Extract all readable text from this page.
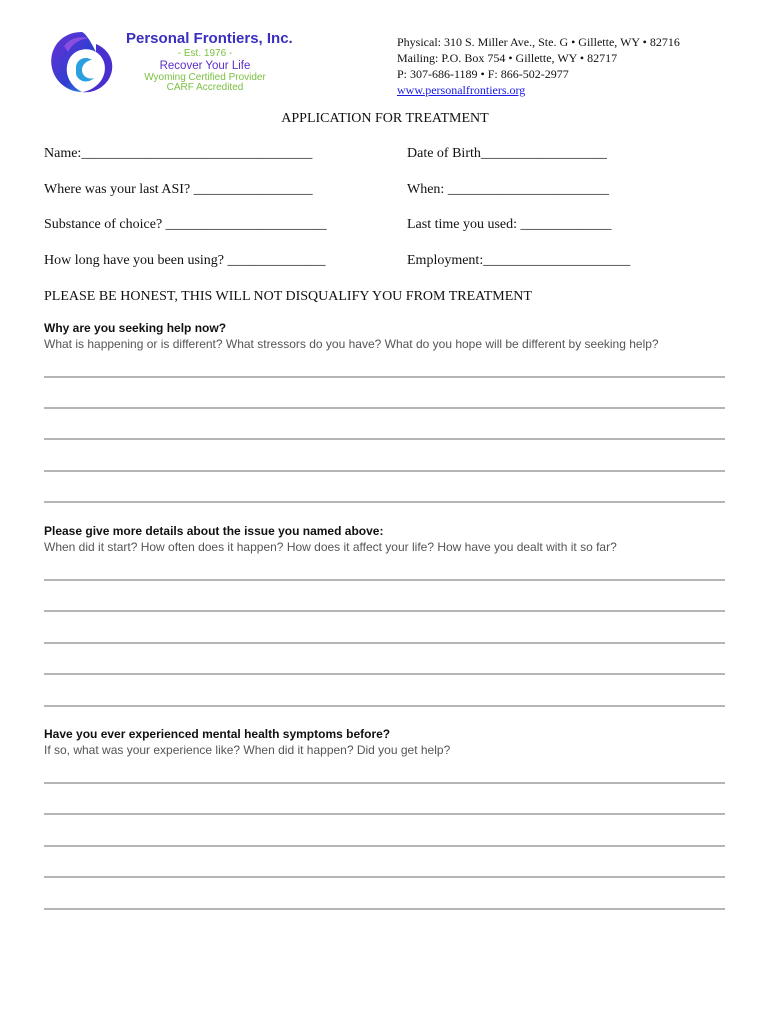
Personal Frontiers, Inc.
- Est. 1976 -
Recover Your Life
Wyoming Certified Provider
CARF Accredited
Physical: 310 S. Miller Ave., Ste. G • Gillette, WY • 82716
Mailing: P.O. Box 754 • Gillette, WY • 82717
P: 307-686-1189 • F: 866-502-2977
www.personalfrontiers.org
APPLICATION FOR TREATMENT
Name:_________________________________	Date of Birth__________________
Where was your last ASI? _________________	When: _______________________
Substance of choice? _______________________	Last time you used: _____________
How long have you been using? ______________	Employment:_____________________
PLEASE BE HONEST, THIS WILL NOT DISQUALIFY YOU FROM TREATMENT
Why are you seeking help now?
What is happening or is different? What stressors do you have? What do you hope will be different by seeking help?
Please give more details about the issue you named above:
When did it start? How often does it happen? How does it affect your life? How have you dealt with it so far?
Have you ever experienced mental health symptoms before?
If so, what was your experience like? When did it happen? Did you get help?
